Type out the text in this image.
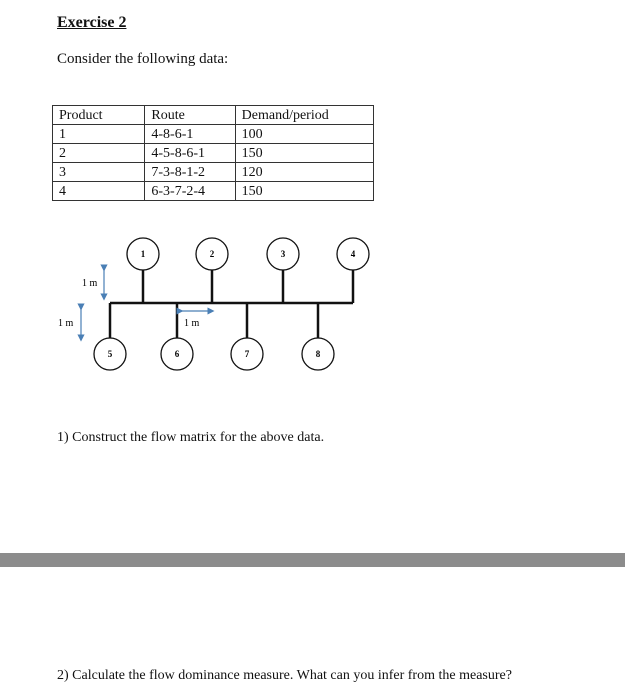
Exercise 2
Consider the following data:
Product	Route	Demand/period
1	4-8-6-1	100
2	4-5-8-6-1	150
3	7-3-8-1-2	120
4	6-3-7-2-4	150
1	2	3	4
5	6	7	8
1 m
1 m	1 m
1) Construct the flow matrix for the above data.
2) Calculate the flow dominance measure. What can you infer from the measure?
